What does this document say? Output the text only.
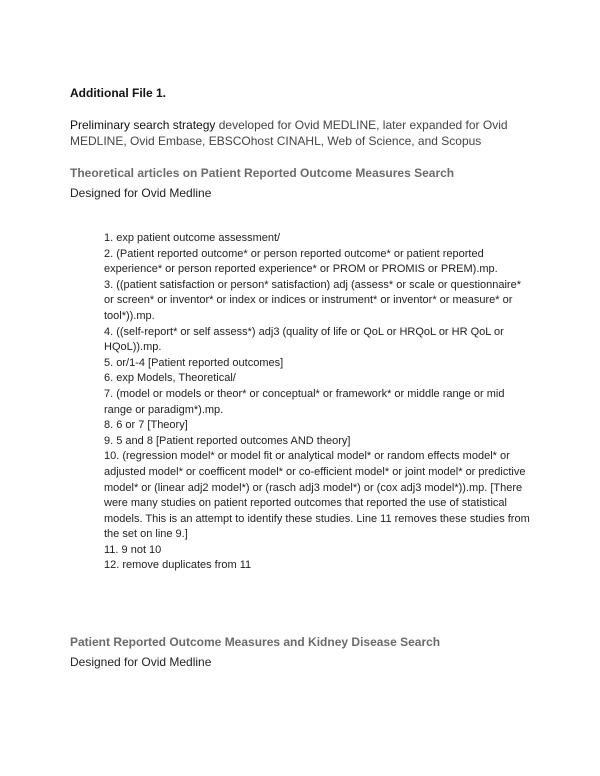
Additional File 1.
Preliminary search strategy developed for Ovid MEDLINE, later expanded for Ovid MEDLINE, Ovid Embase, EBSCOhost CINAHL, Web of Science, and Scopus
Theoretical articles on Patient Reported Outcome Measures Search
Designed for Ovid Medline
1. exp patient outcome assessment/
2. (Patient reported outcome* or person reported outcome* or patient reported experience* or person reported experience* or PROM or PROMIS or PREM).mp.
3. ((patient satisfaction or person* satisfaction) adj (assess* or scale or questionnaire* or screen* or inventor* or index or indices or instrument* or inventor* or measure* or tool*)).mp.
4. ((self-report* or self assess*) adj3 (quality of life or QoL or HRQoL or HR QoL or HQoL)).mp.
5. or/1-4 [Patient reported outcomes]
6. exp Models, Theoretical/
7. (model or models or theor* or conceptual* or framework* or middle range or mid range or paradigm*).mp.
8. 6 or 7 [Theory]
9. 5 and 8 [Patient reported outcomes AND theory]
10. (regression model* or model fit or analytical model* or random effects model* or adjusted model* or coefficent model* or co-efficient model* or joint model* or predictive model* or (linear adj2 model*) or (rasch adj3 model*) or (cox adj3 model*)).mp. [There were many studies on patient reported outcomes that reported the use of statistical models. This is an attempt to identify these studies. Line 11 removes these studies from the set on line 9.]
11. 9 not 10
12. remove duplicates from 11
Patient Reported Outcome Measures and Kidney Disease Search
Designed for Ovid Medline
